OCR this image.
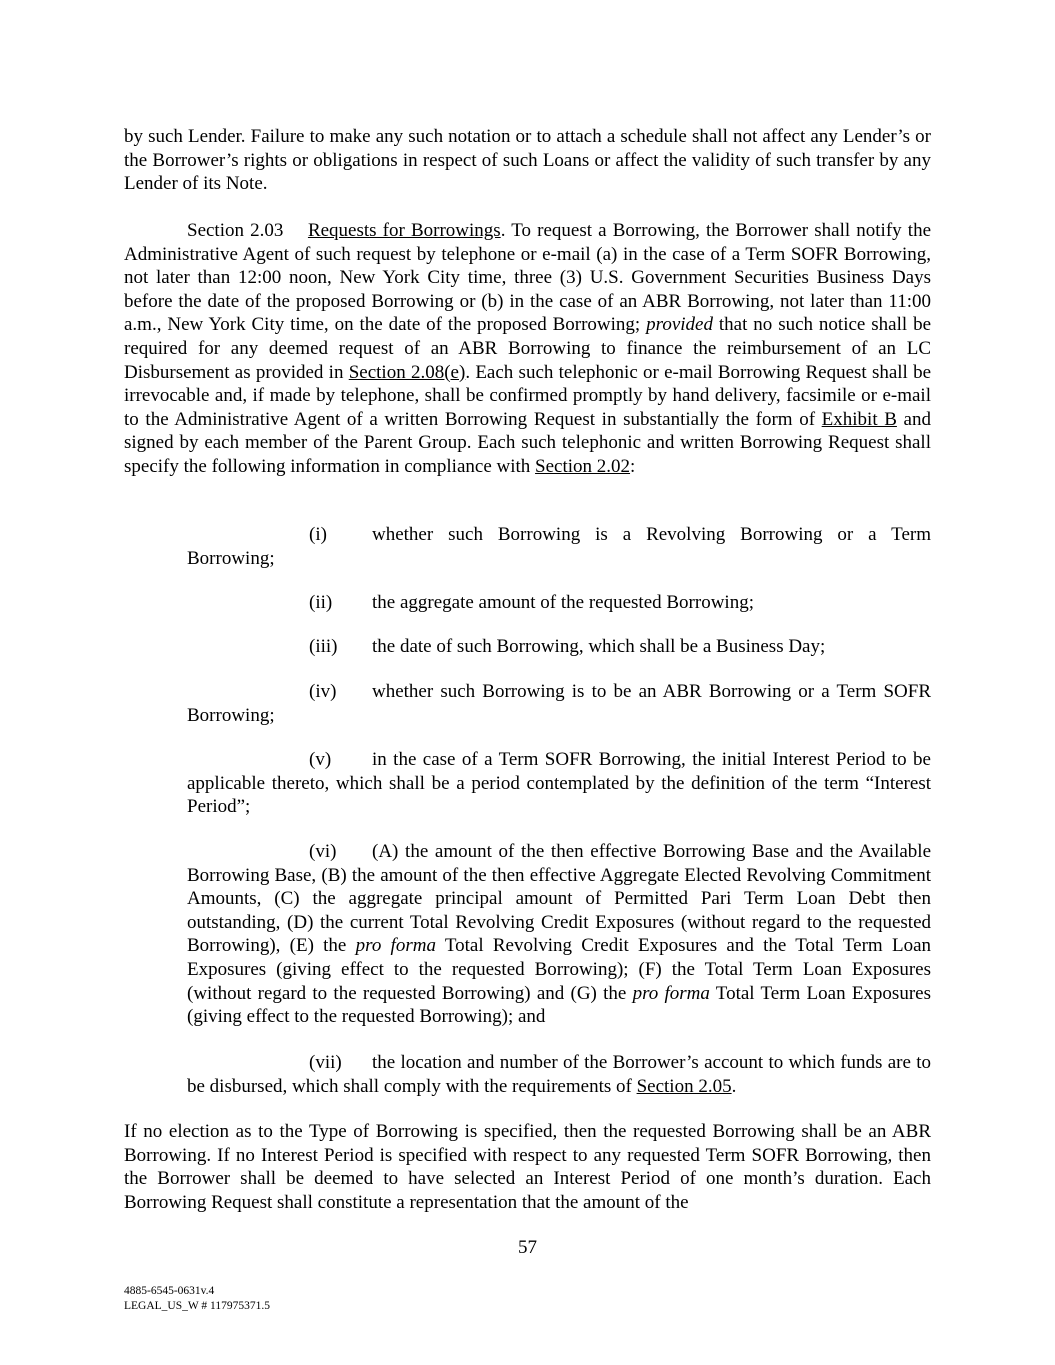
by such Lender. Failure to make any such notation or to attach a schedule shall not affect any Lender’s or the Borrower’s rights or obligations in respect of such Loans or affect the validity of such transfer by any Lender of its Note.

Section 2.03 Requests for Borrowings. To request a Borrowing, the Borrower shall notify the Administrative Agent of such request by telephone or e-mail (a) in the case of a Term SOFR Borrowing, not later than 12:00 noon, New York City time, three (3) U.S. Government Securities Business Days before the date of the proposed Borrowing or (b) in the case of an ABR Borrowing, not later than 11:00 a.m., New York City time, on the date of the proposed Borrowing; provided that no such notice shall be required for any deemed request of an ABR Borrowing to finance the reimbursement of an LC Disbursement as provided in Section 2.08(e). Each such telephonic or e-mail Borrowing Request shall be irrevocable and, if made by telephone, shall be confirmed promptly by hand delivery, facsimile or e-mail to the Administrative Agent of a written Borrowing Request in substantially the form of Exhibit B and signed by each member of the Parent Group. Each such telephonic and written Borrowing Request shall specify the following information in compliance with Section 2.02:

(i) whether such Borrowing is a Revolving Borrowing or a Term Borrowing;

(ii) the aggregate amount of the requested Borrowing;

(iii) the date of such Borrowing, which shall be a Business Day;

(iv) whether such Borrowing is to be an ABR Borrowing or a Term SOFR Borrowing;

(v) in the case of a Term SOFR Borrowing, the initial Interest Period to be applicable thereto, which shall be a period contemplated by the definition of the term “Interest Period”;

(vi) (A) the amount of the then effective Borrowing Base and the Available Borrowing Base, (B) the amount of the then effective Aggregate Elected Revolving Commitment Amounts, (C) the aggregate principal amount of Permitted Pari Term Loan Debt then outstanding, (D) the current Total Revolving Credit Exposures (without regard to the requested Borrowing), (E) the pro forma Total Revolving Credit Exposures and the Total Term Loan Exposures (giving effect to the requested Borrowing); (F) the Total Term Loan Exposures (without regard to the requested Borrowing) and (G) the pro forma Total Term Loan Exposures (giving effect to the requested Borrowing); and

(vii) the location and number of the Borrower’s account to which funds are to be disbursed, which shall comply with the requirements of Section 2.05.

If no election as to the Type of Borrowing is specified, then the requested Borrowing shall be an ABR Borrowing. If no Interest Period is specified with respect to any requested Term SOFR Borrowing, then the Borrower shall be deemed to have selected an Interest Period of one month’s duration. Each Borrowing Request shall constitute a representation that the amount of the

57
4885-6545-0631v.4
LEGAL_US_W # 117975371.5
